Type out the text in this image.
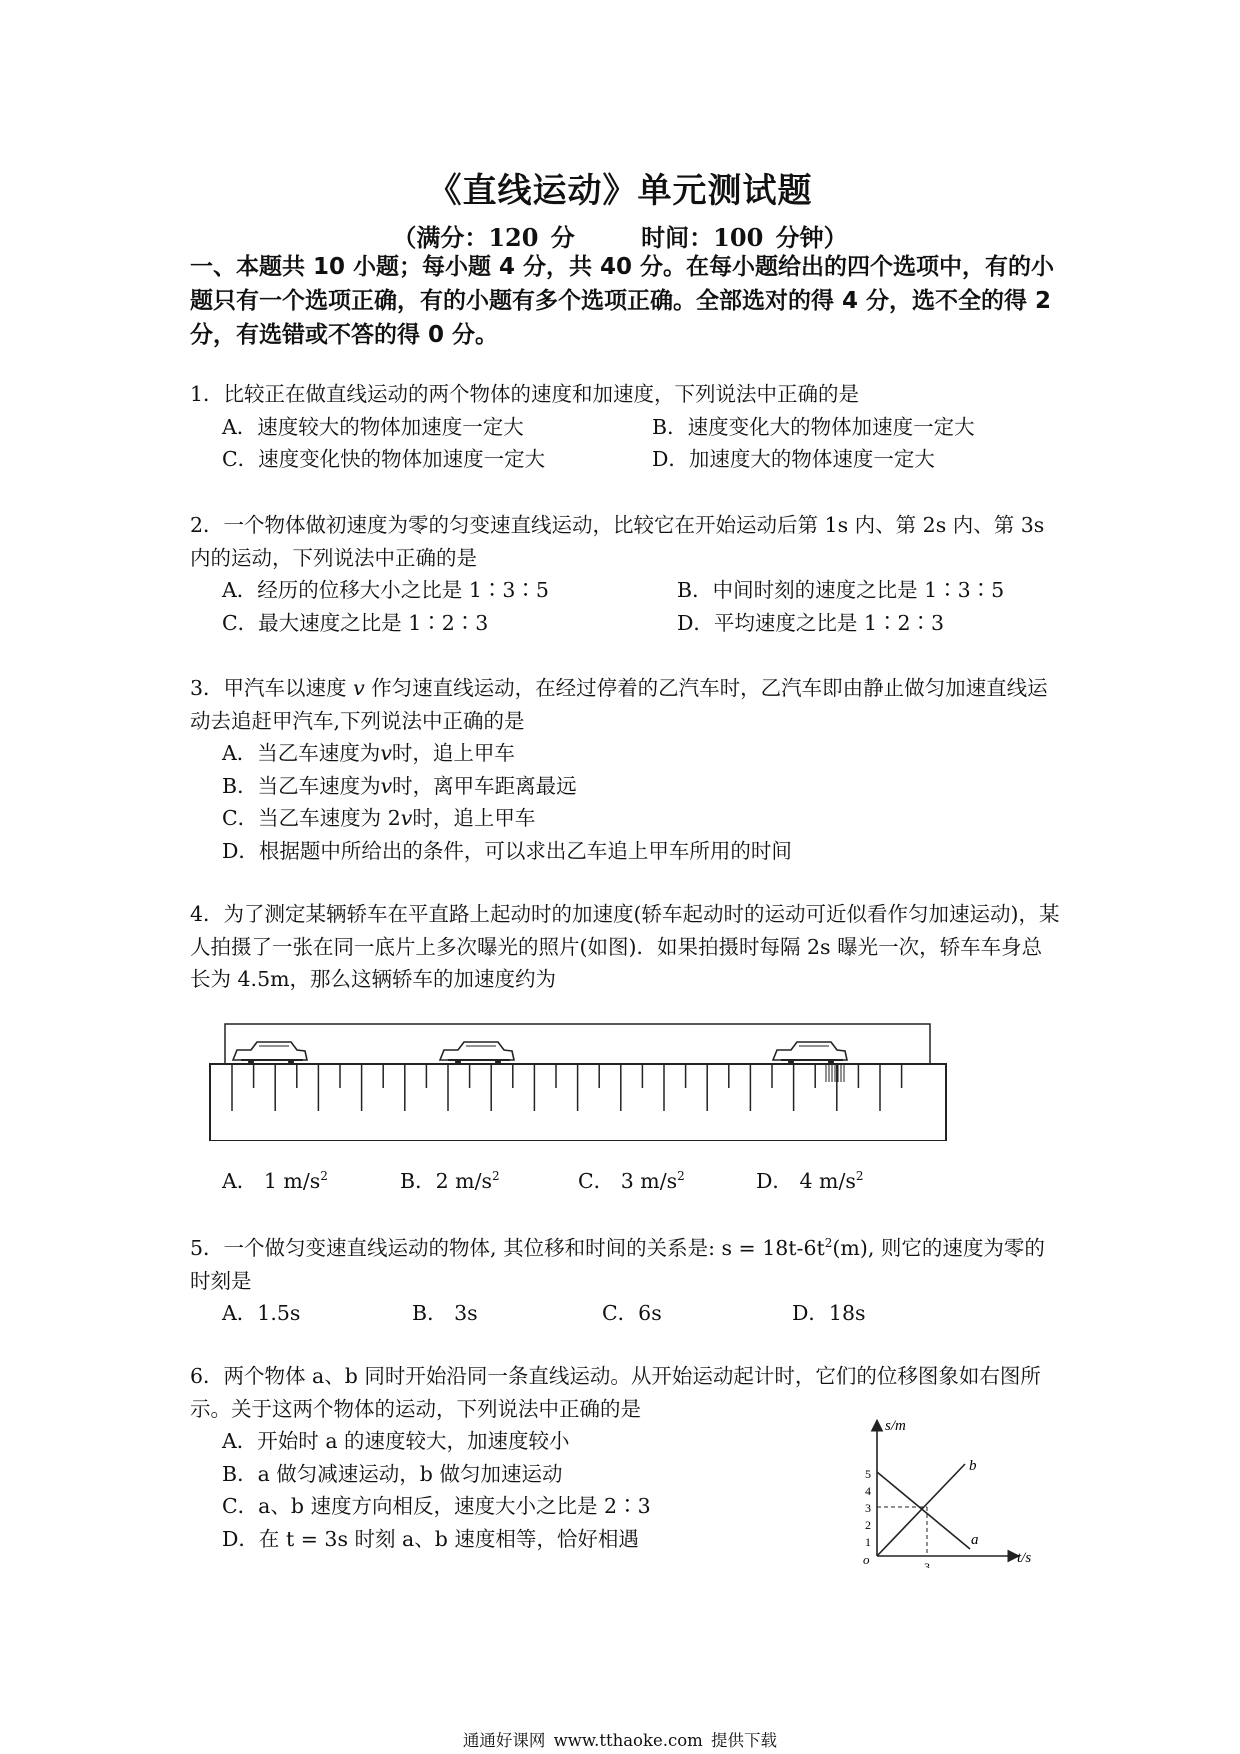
《直线运动》单元测试题
（满分：120 分	时间：100 分钟）
一、本题共 10 小题；每小题 4 分，共 40 分。在每小题给出的四个选项中，有的小题只有一个选项正确，有的小题有多个选项正确。全部选对的得 4 分，选不全的得 2 分，有选错或不答的得 0 分。

1．比较正在做直线运动的两个物体的速度和加速度，下列说法中正确的是

A．速度较大的物体加速度一定大	B．速度变化大的物体加速度一定大
C．速度变化快的物体加速度一定大	D．加速度大的物体速度一定大

2．一个物体做初速度为零的匀变速直线运动，比较它在开始运动后第 1s 内、第 2s 内、第 3s 内的运动，下列说法中正确的是

A．经历的位移大小之比是 1∶3∶5	B．中间时刻的速度之比是 1∶3∶5
C．最大速度之比是 1∶2∶3	D．平均速度之比是 1∶2∶3

3．甲汽车以速度 v 作匀速直线运动，在经过停着的乙汽车时，乙汽车即由静止做匀加速直线运动去追赶甲汽车,下列说法中正确的是

A．当乙车速度为v时，追上甲车
B．当乙车速度为v时，离甲车距离最远
C．当乙车速度为 2v时，追上甲车
D．根据题中所给出的条件，可以求出乙车追上甲车所用的时间

4．为了测定某辆轿车在平直路上起动时的加速度(轿车起动时的运动可近似看作匀加速运动)，某人拍摄了一张在同一底片上多次曝光的照片(如图)．如果拍摄时每隔 2s 曝光一次，轿车车身总长为 4.5m，那么这辆轿车的加速度约为

A． 1 $m/s^2$	B．2 $m/s^2$	C． 3 $m/s^2$	D． 4 $m/s^2$

5．一个做匀变速直线运动的物体, 其位移和时间的关系是: $s = 18t-6t^2(m)$, 则它的速度为零的时刻是

A．1.5s	B． 3s	C．6s	D．18s

6．两个物体 a、b 同时开始沿同一条直线运动。从开始运动起计时，它们的位移图象如右图所示。关于这两个物体的运动，下列说法中正确的是

A．开始时 a 的速度较大，加速度较小
B．a 做匀减速运动，b 做匀加速运动
C．a、b 速度方向相反，速度大小之比是 2∶3
D．在 t = 3s 时刻 a、b 速度相等，恰好相遇
s/m
t/s
o
1
2
3
4
5
3
b
a
通通好课网 www.tthaoke.com 提供下载
